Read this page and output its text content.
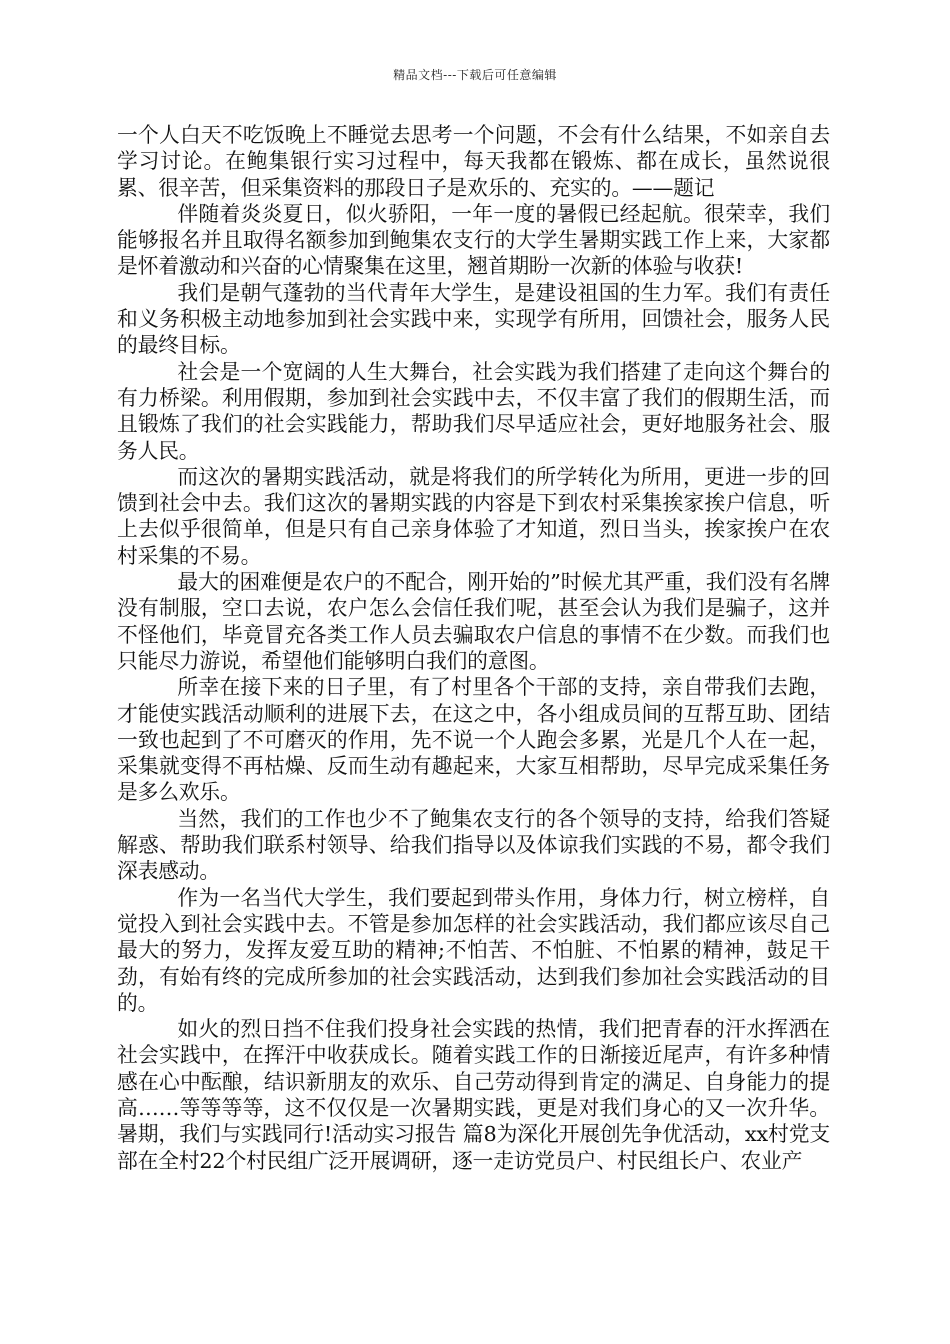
精品文档---下载后可任意编辑

一个人白天不吃饭晚上不睡觉去思考一个问题，不会有什么结果，不如亲自去学习讨论。在鲍集银行实习过程中，每天我都在锻炼、都在成长，虽然说很累、很辛苦，但采集资料的那段日子是欢乐的、充实的。——题记

伴随着炎炎夏日，似火骄阳，一年一度的暑假已经起航。很荣幸，我们能够报名并且取得名额参加到鲍集农支行的大学生暑期实践工作上来，大家都是怀着激动和兴奋的心情聚集在这里，翘首期盼一次新的体验与收获!

我们是朝气蓬勃的当代青年大学生，是建设祖国的生力军。我们有责任和义务积极主动地参加到社会实践中来，实现学有所用，回馈社会，服务人民的最终目标。

社会是一个宽阔的人生大舞台，社会实践为我们搭建了走向这个舞台的有力桥梁。利用假期，参加到社会实践中去，不仅丰富了我们的假期生活，而且锻炼了我们的社会实践能力，帮助我们尽早适应社会，更好地服务社会、服务人民。

而这次的暑期实践活动，就是将我们的所学转化为所用，更进一步的回馈到社会中去。我们这次的暑期实践的内容是下到农村采集挨家挨户信息，听上去似乎很简单，但是只有自己亲身体验了才知道，烈日当头，挨家挨户在农村采集的不易。

最大的困难便是农户的不配合，刚开始的”时候尤其严重，我们没有名牌没有制服，空口去说，农户怎么会信任我们呢，甚至会认为我们是骗子，这并不怪他们，毕竟冒充各类工作人员去骗取农户信息的事情不在少数。而我们也只能尽力游说，希望他们能够明白我们的意图。

所幸在接下来的日子里，有了村里各个干部的支持，亲自带我们去跑，才能使实践活动顺利的进展下去，在这之中，各小组成员间的互帮互助、团结一致也起到了不可磨灭的作用，先不说一个人跑会多累，光是几个人在一起，采集就变得不再枯燥、反而生动有趣起来，大家互相帮助，尽早完成采集任务是多么欢乐。

当然，我们的工作也少不了鲍集农支行的各个领导的支持，给我们答疑解惑、帮助我们联系村领导、给我们指导以及体谅我们实践的不易，都令我们深表感动。

作为一名当代大学生，我们要起到带头作用，身体力行，树立榜样，自觉投入到社会实践中去。不管是参加怎样的社会实践活动，我们都应该尽自己最大的努力，发挥友爱互助的精神;不怕苦、不怕脏、不怕累的精神，鼓足干劲，有始有终的完成所参加的社会实践活动，达到我们参加社会实践活动的目的。

如火的烈日挡不住我们投身社会实践的热情，我们把青春的汗水挥洒在社会实践中，在挥汗中收获成长。随着实践工作的日渐接近尾声，有许多种情感在心中酝酿，结识新朋友的欢乐、自己劳动得到肯定的满足、自身能力的提高……等等等等，这不仅仅是一次暑期实践，更是对我们身心的又一次升华。暑期，我们与实践同行!活动实习报告 篇8为深化开展创先争优活动，xx村党支部在全村22个村民组广泛开展调研，逐一走访党员户、村民组长户、农业产
